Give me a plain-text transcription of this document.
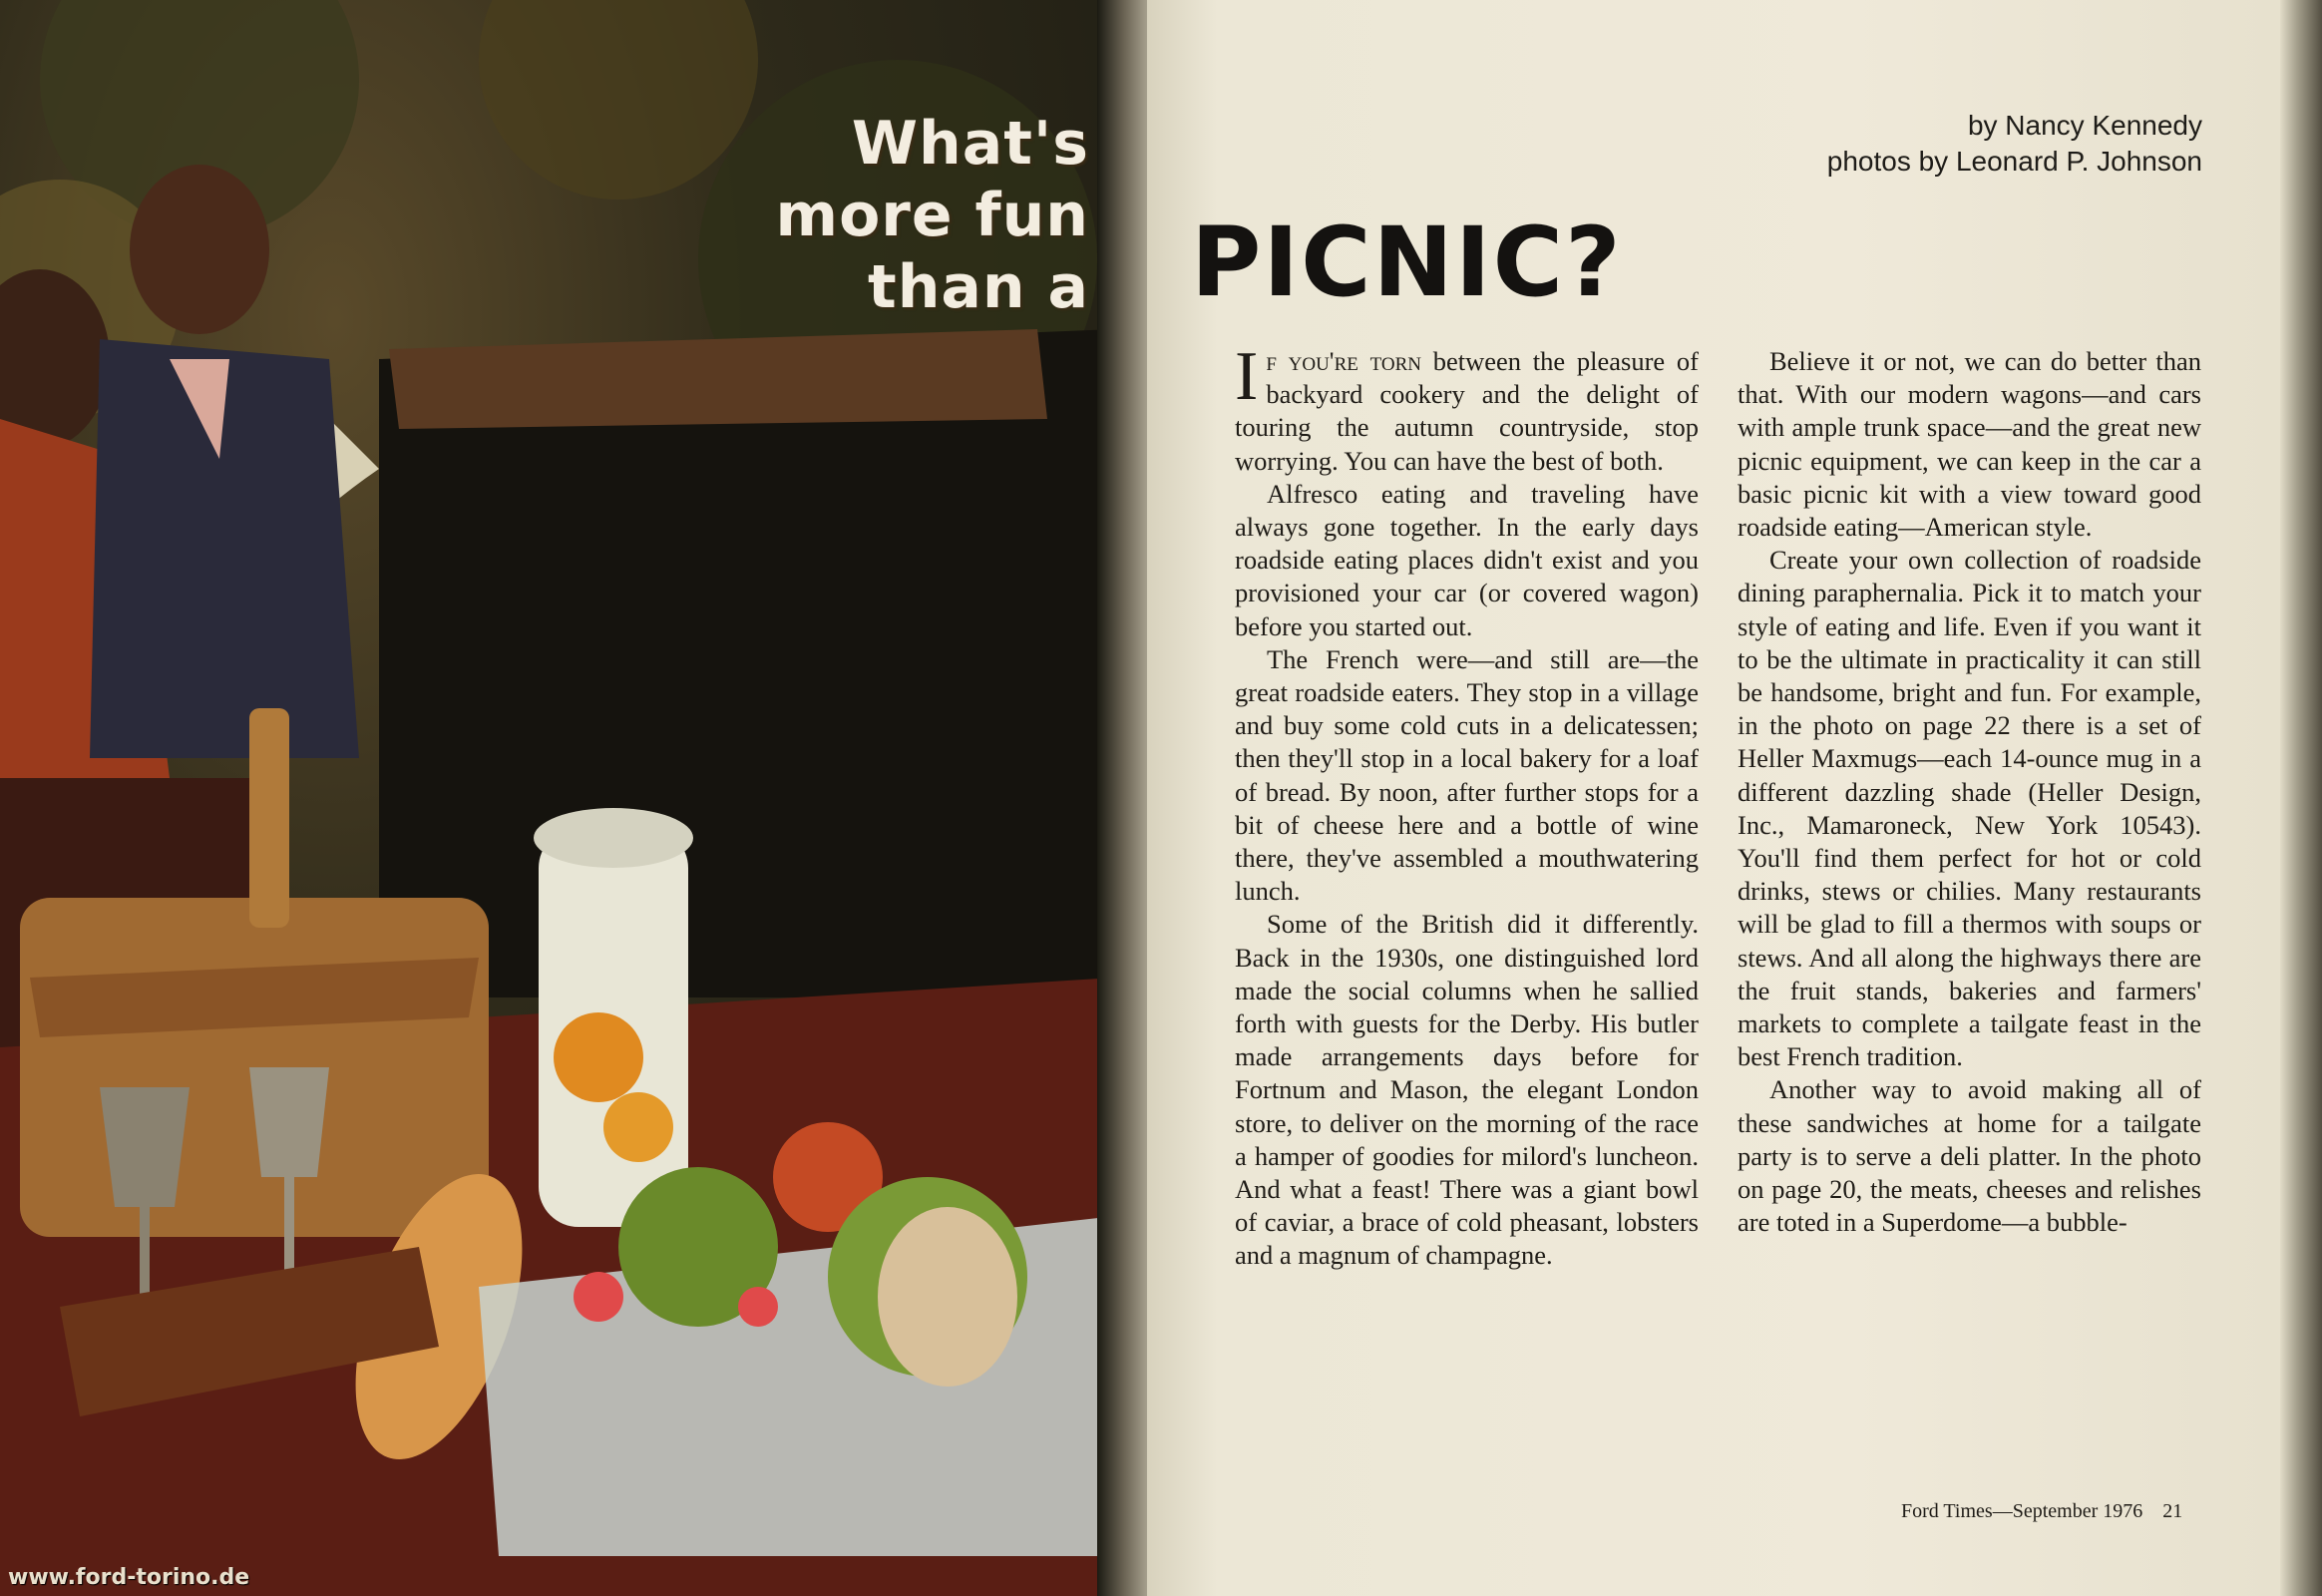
What's
more fun
than a
www.ford-torino.de
by Nancy Kennedy
photos by Leonard P. Johnson
PICNIC?

If you're torn between the pleasure of backyard cookery and the delight of touring the autumn countryside, stop worrying. You can have the best of both.

Alfresco eating and traveling have always gone together. In the early days roadside eating places didn't exist and you provisioned your car (or covered wagon) before you started out.

The French were—and still are—the great roadside eaters. They stop in a village and buy some cold cuts in a delicatessen; then they'll stop in a local bakery for a loaf of bread. By noon, after further stops for a bit of cheese here and a bottle of wine there, they've assembled a mouthwatering lunch.

Some of the British did it differently. Back in the 1930s, one distinguished lord made the social columns when he sallied forth with guests for the Derby. His butler made arrangements days before for Fortnum and Mason, the elegant London store, to deliver on the morning of the race a hamper of goodies for milord's luncheon. And what a feast! There was a giant bowl of caviar, a brace of cold pheasant, lobsters and a magnum of champagne.

Believe it or not, we can do better than that. With our modern wagons—and cars with ample trunk space—and the great new picnic equipment, we can keep in the car a basic picnic kit with a view toward good roadside eating—American style.

Create your own collection of roadside dining paraphernalia. Pick it to match your style of eating and life. Even if you want it to be the ultimate in practicality it can still be handsome, bright and fun. For example, in the photo on page 22 there is a set of Heller Maxmugs—each 14-ounce mug in a different dazzling shade (Heller Design, Inc., Mamaroneck, New York 10543). You'll find them perfect for hot or cold drinks, stews or chilies. Many restaurants will be glad to fill a thermos with soups or stews. And all along the highways there are the fruit stands, bakeries and farmers' markets to complete a tailgate feast in the best French tradition.

Another way to avoid making all of these sandwiches at home for a tailgate party is to serve a deli platter. In the photo on page 20, the meats, cheeses and relishes are toted in a Superdome—a bubble-

Ford Times—September 1976 21
